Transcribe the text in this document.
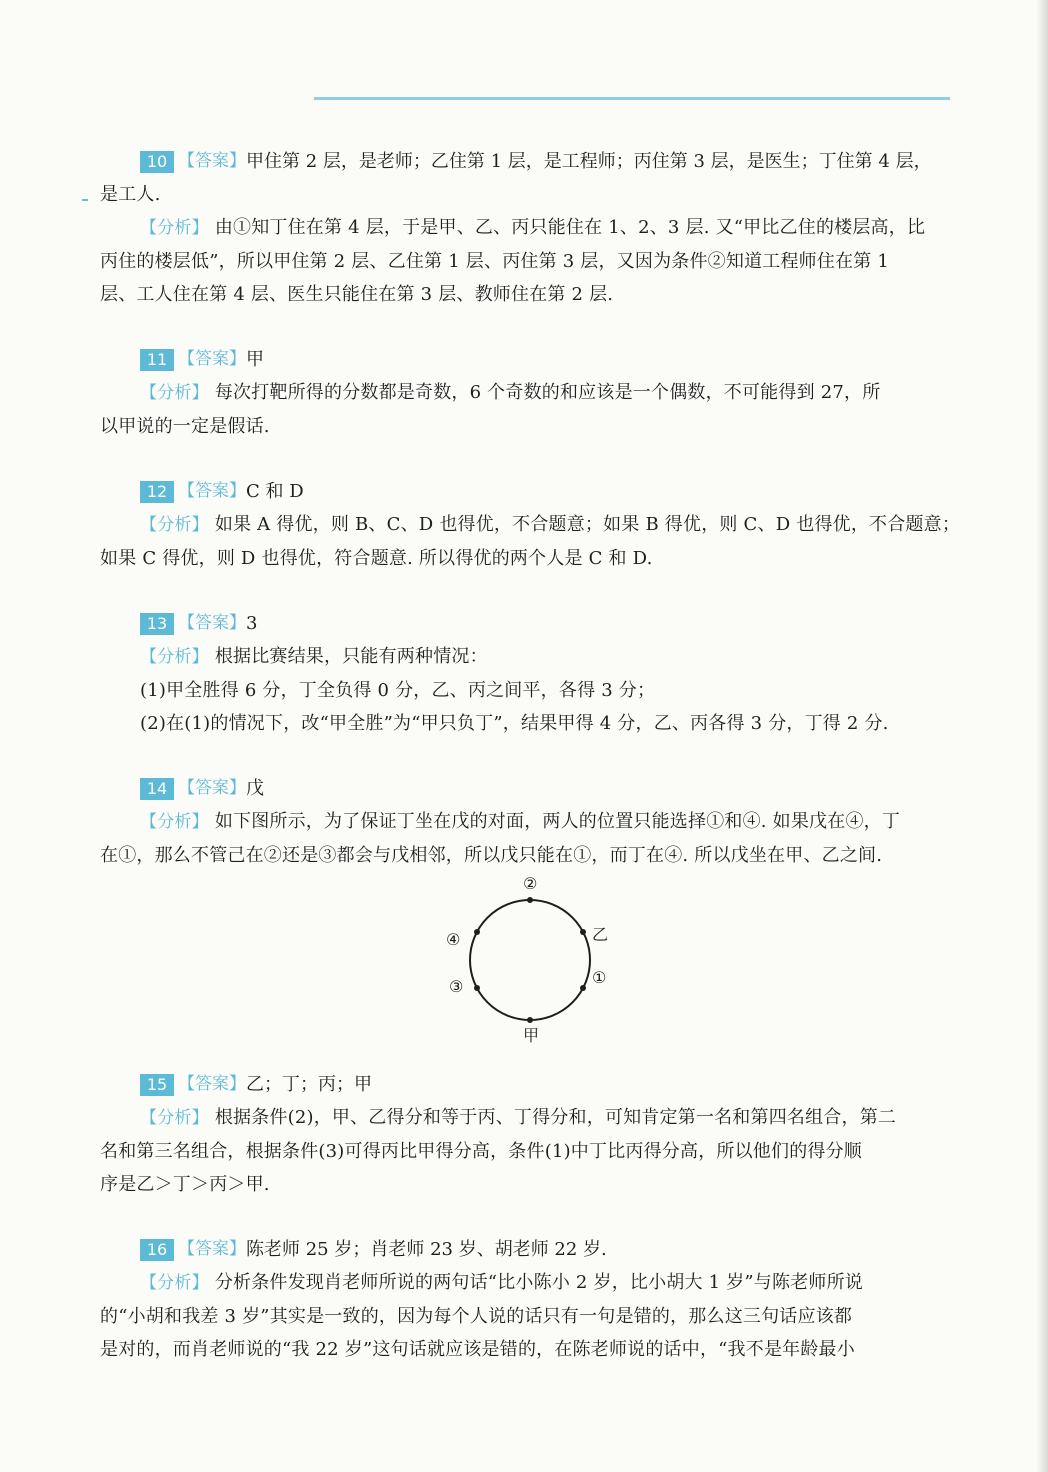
10 【答案】 甲住第 2 层，是老师；乙住第 1 层，是工程师；丙住第 3 层，是医生；丁住第 4 层，
是工人.
【分析】 由①知丁住在第 4 层，于是甲、乙、丙只能住在 1、2、3 层. 又“甲比乙住的楼层高，比
丙住的楼层低”，所以甲住第 2 层、乙住第 1 层、丙住第 3 层，又因为条件②知道工程师住在第 1
层、工人住在第 4 层、医生只能住在第 3 层、教师住在第 2 层.
11 【答案】 甲
【分析】 每次打靶所得的分数都是奇数，6 个奇数的和应该是一个偶数，不可能得到 27，所
以甲说的一定是假话.
12 【答案】 C 和 D
【分析】 如果 A 得优，则 B、C、D 也得优，不合题意；如果 B 得优，则 C、D 也得优，不合题意；
如果 C 得优，则 D 也得优，符合题意. 所以得优的两个人是 C 和 D.
13 【答案】 3
【分析】 根据比赛结果，只能有两种情况：
(1)甲全胜得 6 分，丁全负得 0 分，乙、丙之间平，各得 3 分；
(2)在(1)的情况下，改“甲全胜”为“甲只负丁”，结果甲得 4 分，乙、丙各得 3 分，丁得 2 分.
14 【答案】 戊
【分析】 如下图所示，为了保证丁坐在戊的对面，两人的位置只能选择①和④. 如果戊在④，丁
在①，那么不管己在②还是③都会与戊相邻，所以戊只能在①，而丁在④. 所以戊坐在甲、乙之间.
②
乙
④
①
③
甲
15 【答案】 乙；丁；丙；甲
【分析】 根据条件(2)，甲、乙得分和等于丙、丁得分和，可知肯定第一名和第四名组合，第二
名和第三名组合，根据条件(3)可得丙比甲得分高，条件(1)中丁比丙得分高，所以他们的得分顺
序是乙＞丁＞丙＞甲.
16 【答案】 陈老师 25 岁；肖老师 23 岁、胡老师 22 岁.
【分析】 分析条件发现肖老师所说的两句话“比小陈小 2 岁，比小胡大 1 岁”与陈老师所说
的“小胡和我差 3 岁”其实是一致的，因为每个人说的话只有一句是错的，那么这三句话应该都
是对的，而肖老师说的“我 22 岁”这句话就应该是错的，在陈老师说的话中，“我不是年龄最小
